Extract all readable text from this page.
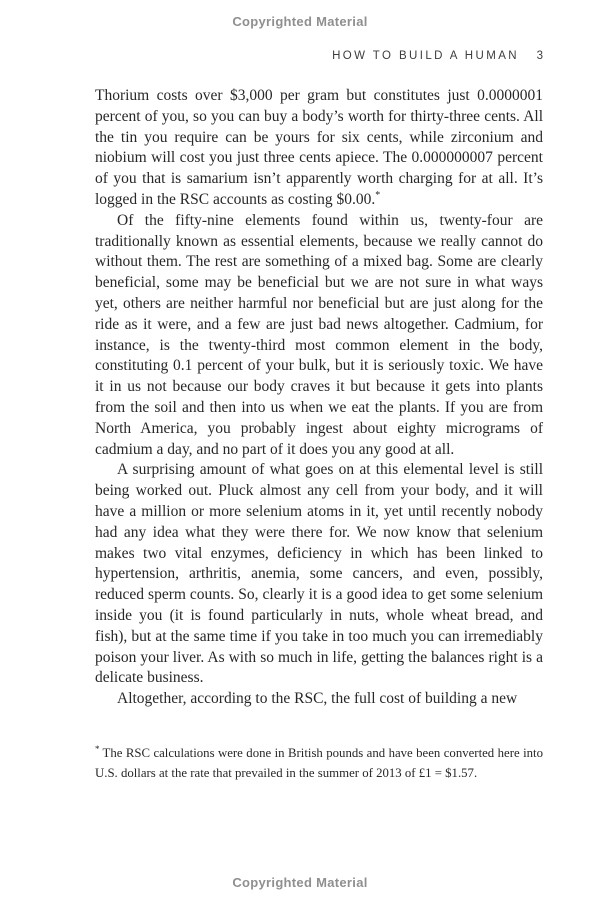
Copyrighted Material
HOW TO BUILD A HUMAN 3

Thorium costs over $3,000 per gram but constitutes just 0.0000001 percent of you, so you can buy a body’s worth for thirty-three cents. All the tin you require can be yours for six cents, while zirconium and niobium will cost you just three cents apiece. The 0.000000007 percent of you that is samarium isn’t apparently worth charging for at all. It’s logged in the RSC accounts as costing $0.00.*

Of the fifty-nine elements found within us, twenty-four are traditionally known as essential elements, because we really cannot do without them. The rest are something of a mixed bag. Some are clearly beneficial, some may be beneficial but we are not sure in what ways yet, others are neither harmful nor beneficial but are just along for the ride as it were, and a few are just bad news altogether. Cadmium, for instance, is the twenty-third most common element in the body, constituting 0.1 percent of your bulk, but it is seriously toxic. We have it in us not because our body craves it but because it gets into plants from the soil and then into us when we eat the plants. If you are from North America, you probably ingest about eighty micrograms of cadmium a day, and no part of it does you any good at all.

A surprising amount of what goes on at this elemental level is still being worked out. Pluck almost any cell from your body, and it will have a million or more selenium atoms in it, yet until recently nobody had any idea what they were there for. We now know that selenium makes two vital enzymes, deficiency in which has been linked to hypertension, arthritis, anemia, some cancers, and even, possibly, reduced sperm counts. So, clearly it is a good idea to get some selenium inside you (it is found particularly in nuts, whole wheat bread, and fish), but at the same time if you take in too much you can irremediably poison your liver. As with so much in life, getting the balances right is a delicate business.

Altogether, according to the RSC, the full cost of building a new

* The RSC calculations were done in British pounds and have been converted here into U.S. dollars at the rate that prevailed in the summer of 2013 of £1 = $1.57.
Copyrighted Material
